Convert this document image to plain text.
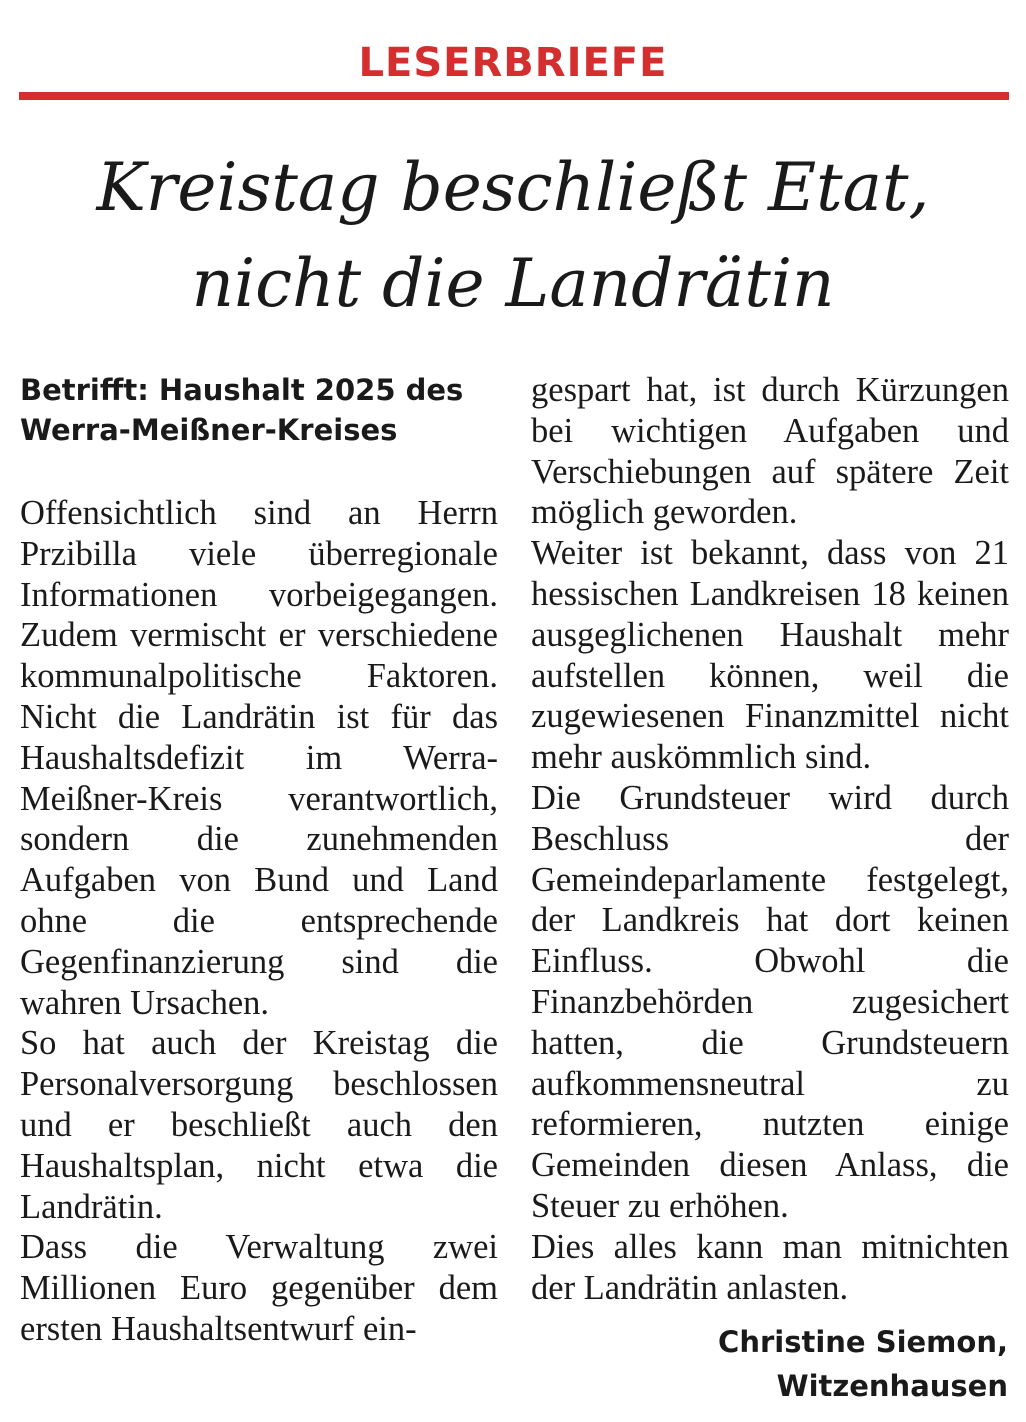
LESERBRIEFE
Kreistag beschließt Etat,
nicht die Landrätin
Betrifft: Haushalt 2025 des
Werra-Meißner-Kreises

Offensichtlich sind an Herrn Przibilla viele überregionale Informationen vorbeigegangen. Zudem vermischt er verschiedene kommunalpolitische Faktoren. Nicht die Landrätin ist für das Haushaltsdefizit im Werra-Meißner-Kreis verantwortlich, sondern die zunehmenden Aufgaben von Bund und Land ohne die entsprechende Gegenfinanzierung sind die wahren Ursachen.

So hat auch der Kreistag die Personalversorgung beschlossen und er beschließt auch den Haushaltsplan, nicht etwa die Landrätin.

Dass die Verwaltung zwei Millionen Euro gegenüber dem ersten Haushaltsentwurf ein-

gespart hat, ist durch Kürzungen bei wichtigen Aufgaben und Verschiebungen auf spätere Zeit möglich geworden.

Weiter ist bekannt, dass von 21 hessischen Landkreisen 18 keinen ausgeglichenen Haushalt mehr aufstellen können, weil die zugewiesenen Finanzmittel nicht mehr auskömmlich sind.

Die Grundsteuer wird durch Beschluss der Gemeindeparlamente festgelegt, der Landkreis hat dort keinen Einfluss. Obwohl die Finanzbehörden zugesichert hatten, die Grundsteuern aufkommensneutral zu reformieren, nutzten einige Gemeinden diesen Anlass, die Steuer zu erhöhen.

Dies alles kann man mitnichten der Landrätin anlasten.

Christine Siemon,
Witzenhausen
